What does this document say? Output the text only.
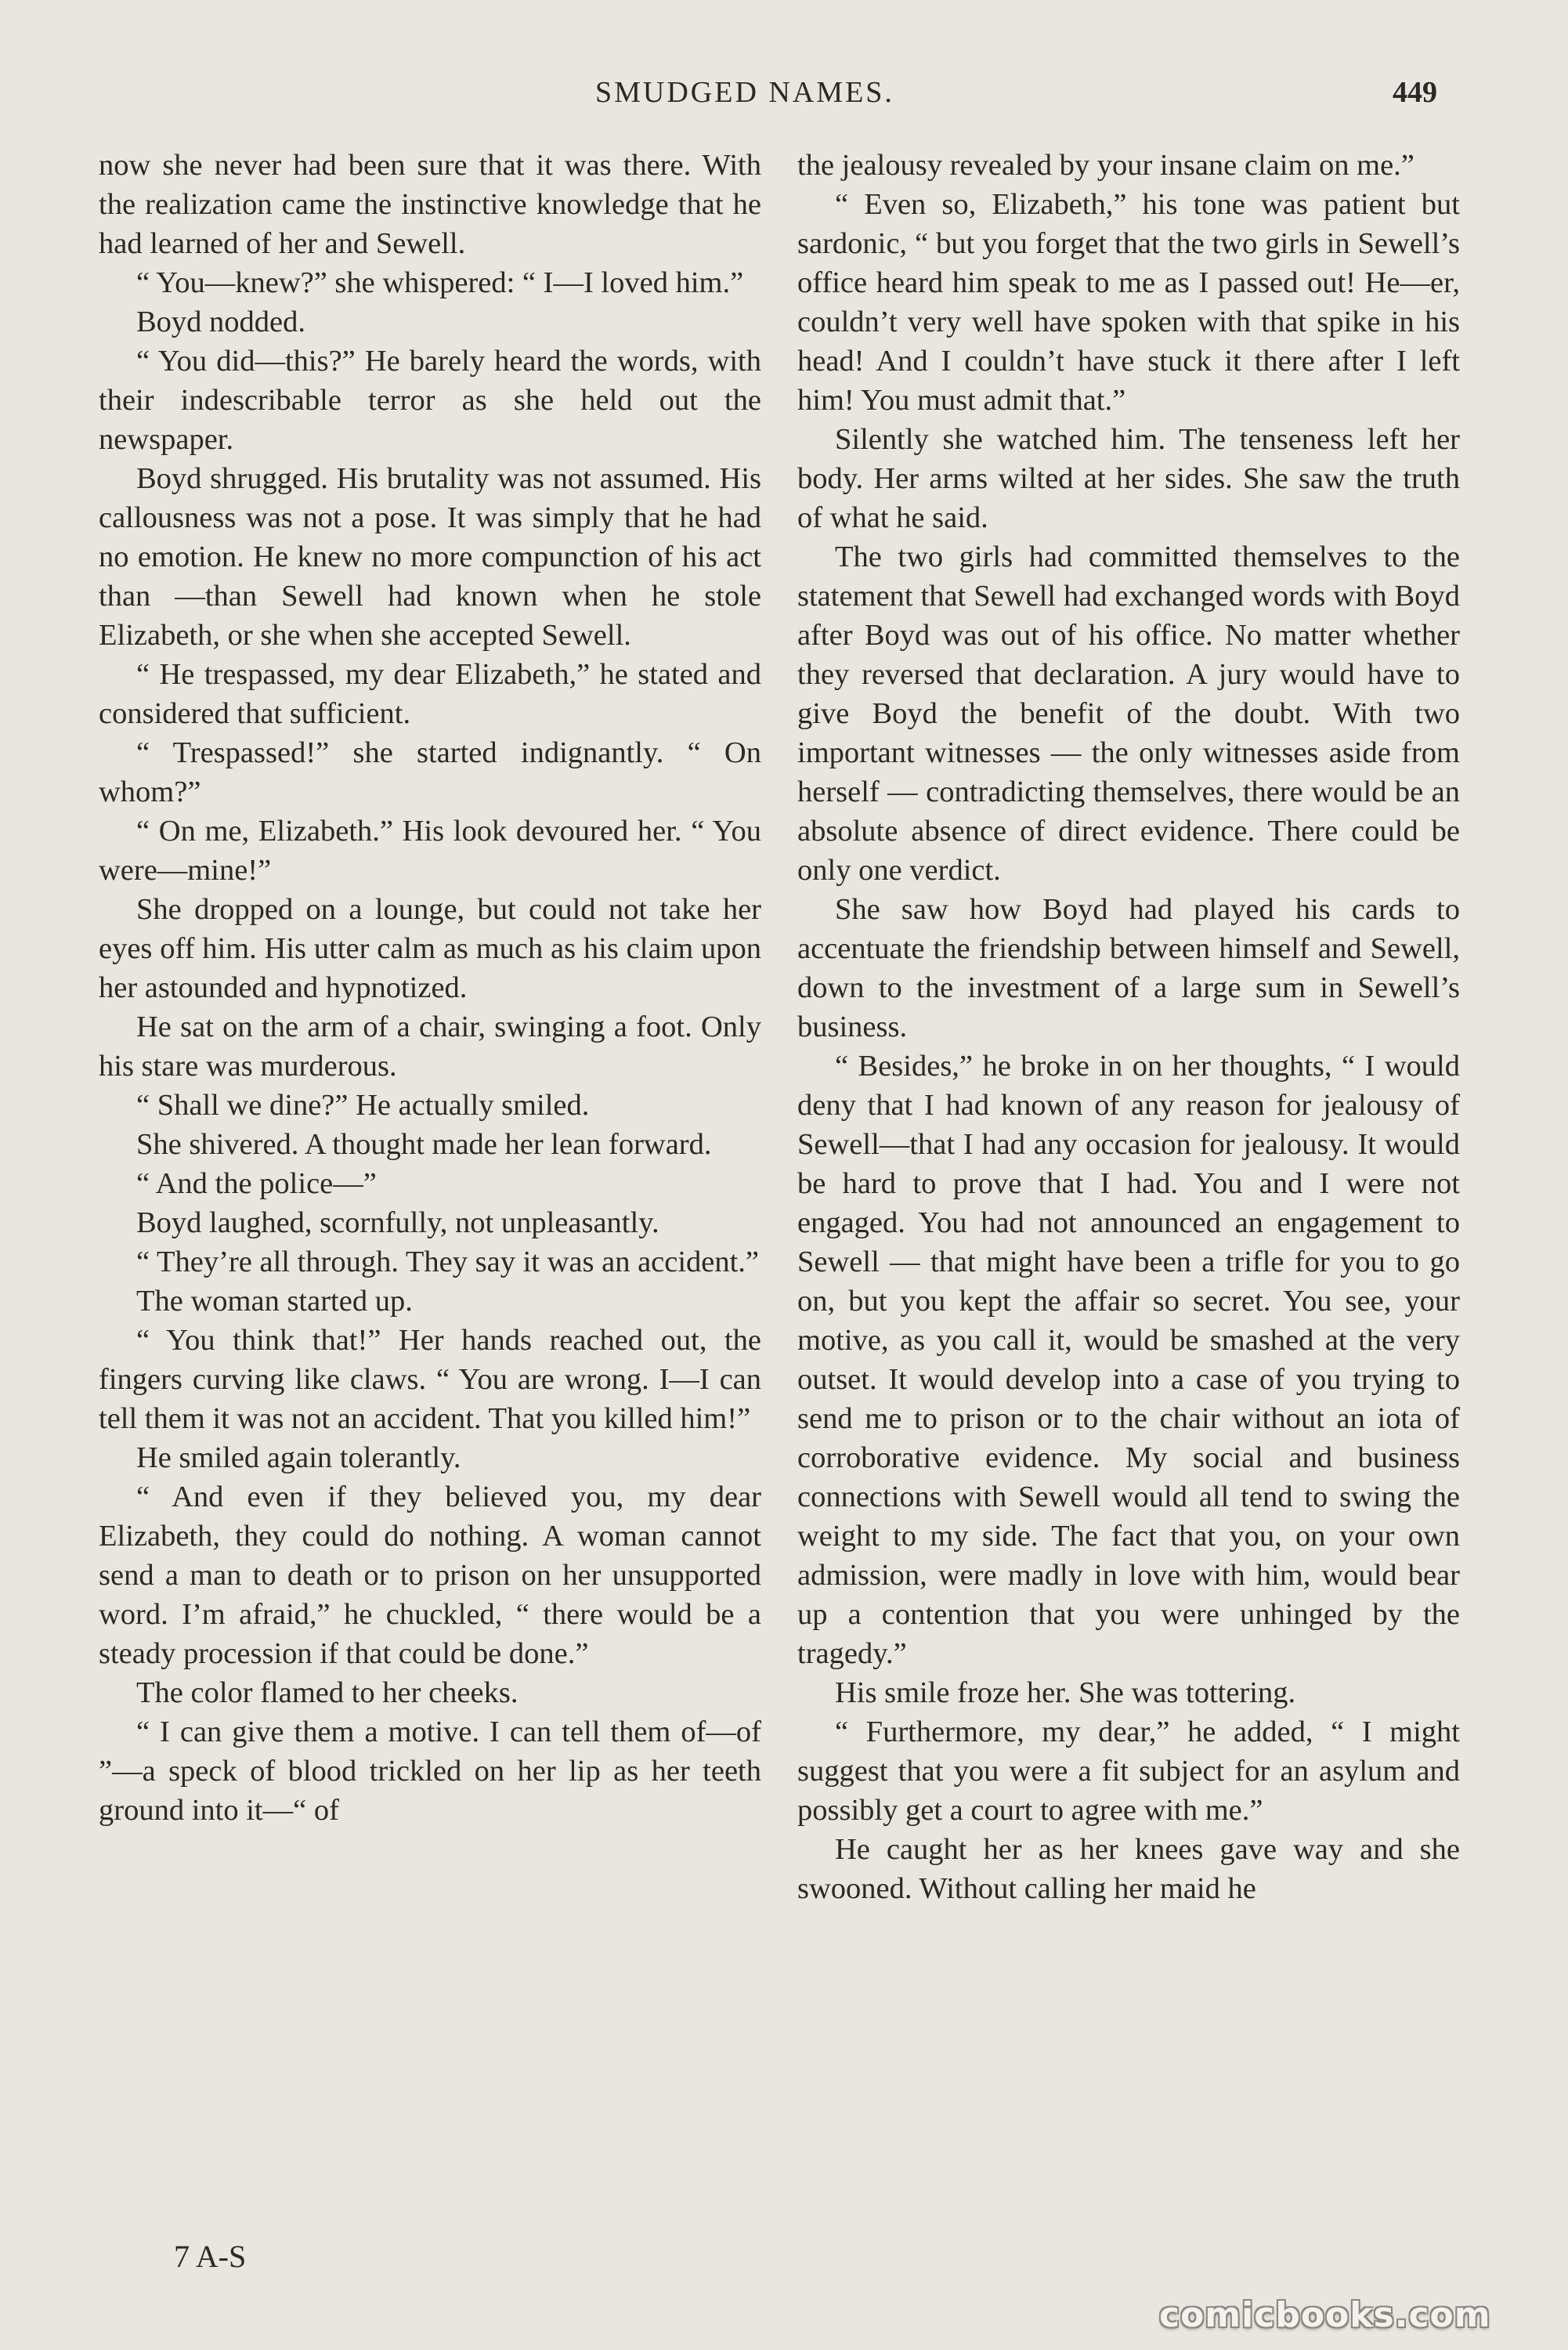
SMUDGED NAMES.	449

now she never had been sure that it was there. With the realization came the instinctive knowledge that he had learned of her and Sewell.

“ You—knew?” she whispered: “ I—I loved him.”

Boyd nodded.

“ You did—this?” He barely heard the words, with their indescribable terror as she held out the newspaper.

Boyd shrugged. His brutality was not assumed. His callousness was not a pose. It was simply that he had no emotion. He knew no more compunction of his act than —than Sewell had known when he stole Elizabeth, or she when she accepted Sewell.

“ He trespassed, my dear Elizabeth,” he stated and considered that sufficient.

“ Trespassed!” she started indignantly. “ On whom?”

“ On me, Elizabeth.” His look devoured her. “ You were—mine!”

She dropped on a lounge, but could not take her eyes off him. His utter calm as much as his claim upon her astounded and hypnotized.

He sat on the arm of a chair, swinging a foot. Only his stare was murderous.

“ Shall we dine?” He actually smiled.

She shivered. A thought made her lean forward.

“ And the police—”

Boyd laughed, scornfully, not unpleasantly.

“ They’re all through. They say it was an accident.”

The woman started up.

“ You think that!” Her hands reached out, the fingers curving like claws. “ You are wrong. I—I can tell them it was not an accident. That you killed him!”

He smiled again tolerantly.

“ And even if they believed you, my dear Elizabeth, they could do nothing. A woman cannot send a man to death or to prison on her unsupported word. I’m afraid,” he chuckled, “ there would be a steady procession if that could be done.”

The color flamed to her cheeks.

“ I can give them a motive. I can tell them of—of ”—a speck of blood trickled on her lip as her teeth ground into it—“ of

the jealousy revealed by your insane claim on me.”

“ Even so, Elizabeth,” his tone was patient but sardonic, “ but you forget that the two girls in Sewell’s office heard him speak to me as I passed out! He—er, couldn’t very well have spoken with that spike in his head! And I couldn’t have stuck it there after I left him! You must admit that.”

Silently she watched him. The tenseness left her body. Her arms wilted at her sides. She saw the truth of what he said.

The two girls had committed themselves to the statement that Sewell had exchanged words with Boyd after Boyd was out of his office. No matter whether they reversed that declaration. A jury would have to give Boyd the benefit of the doubt. With two important witnesses — the only witnesses aside from herself — contradicting themselves, there would be an absolute absence of direct evidence. There could be only one verdict.

She saw how Boyd had played his cards to accentuate the friendship between himself and Sewell, down to the investment of a large sum in Sewell’s business.

“ Besides,” he broke in on her thoughts, “ I would deny that I had known of any reason for jealousy of Sewell—that I had any occasion for jealousy. It would be hard to prove that I had. You and I were not engaged. You had not announced an engagement to Sewell — that might have been a trifle for you to go on, but you kept the affair so secret. You see, your motive, as you call it, would be smashed at the very outset. It would develop into a case of you trying to send me to prison or to the chair without an iota of corroborative evidence. My social and business connections with Sewell would all tend to swing the weight to my side. The fact that you, on your own admission, were madly in love with him, would bear up a contention that you were unhinged by the tragedy.”

His smile froze her. She was tottering.

“ Furthermore, my dear,” he added, “ I might suggest that you were a fit subject for an asylum and possibly get a court to agree with me.”

He caught her as her knees gave way and she swooned. Without calling her maid he

7 A-S
comicbooks.com
